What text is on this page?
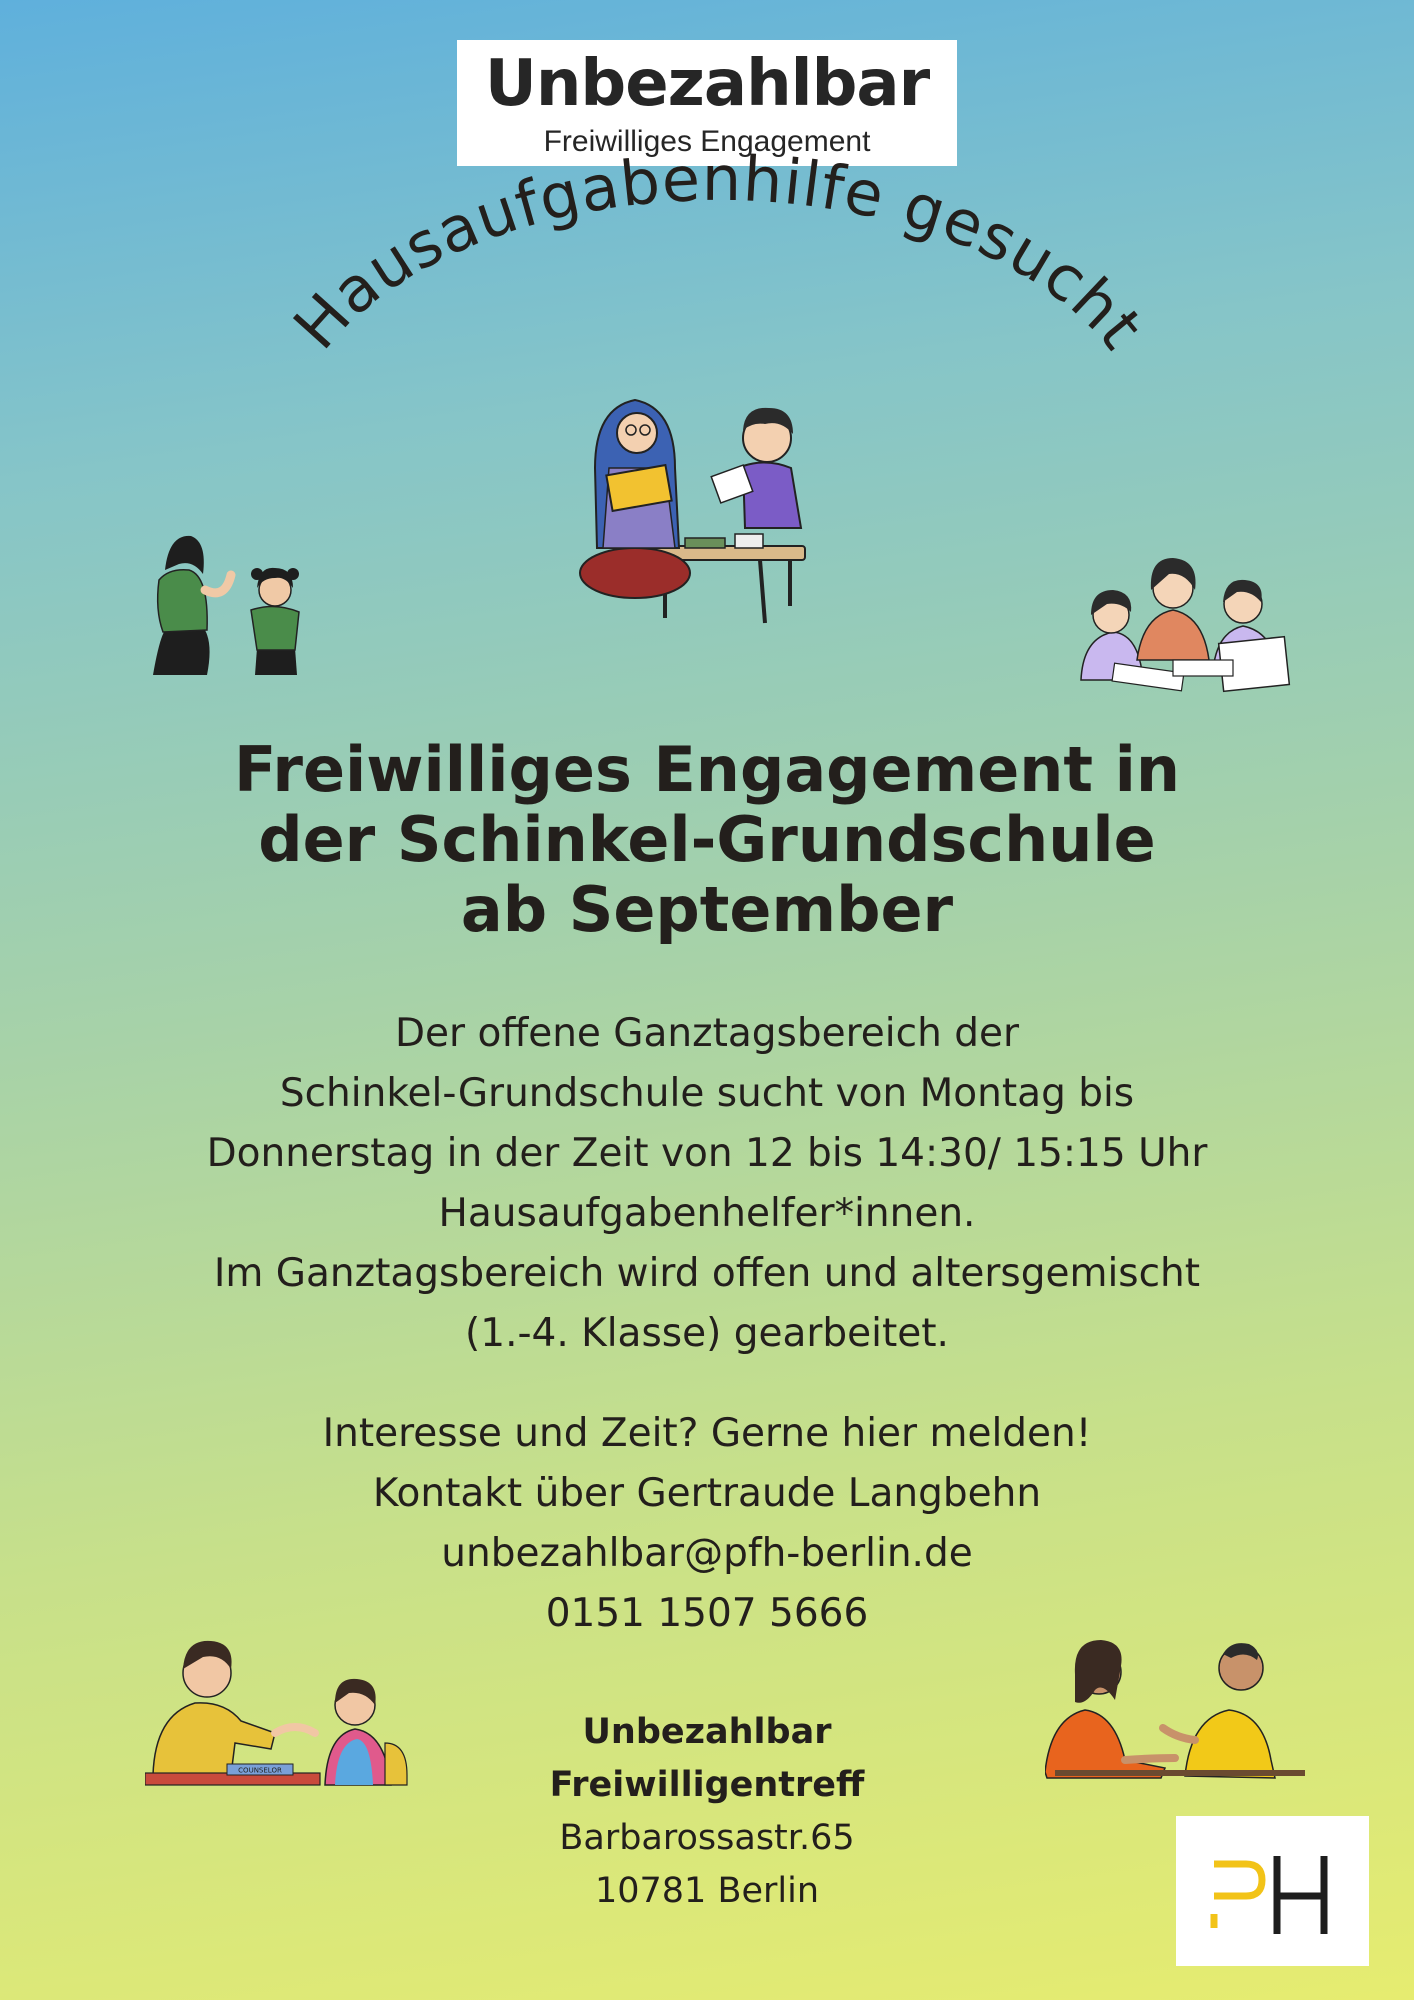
Unbezahlbar
Freiwilliges Engagement
Hausaufgabenhilfe gesucht
Freiwilliges Engagement in
der Schinkel-Grundschule
ab September
Der offene Ganztagsbereich der
Schinkel-Grundschule sucht von Montag bis
Donnerstag in der Zeit von 12 bis 14:30/ 15:15 Uhr
Hausaufgabenhelfer*innen.
Im Ganztagsbereich wird offen und altersgemischt
(1.-4. Klasse) gearbeitet.
Interesse und Zeit? Gerne hier melden!
Kontakt über Gertraude Langbehn
unbezahlbar@pfh-berlin.de
0151 1507 5666
COUNSELOR
Unbezahlbar
Freiwilligentreff
Barbarossastr.65
10781 Berlin
